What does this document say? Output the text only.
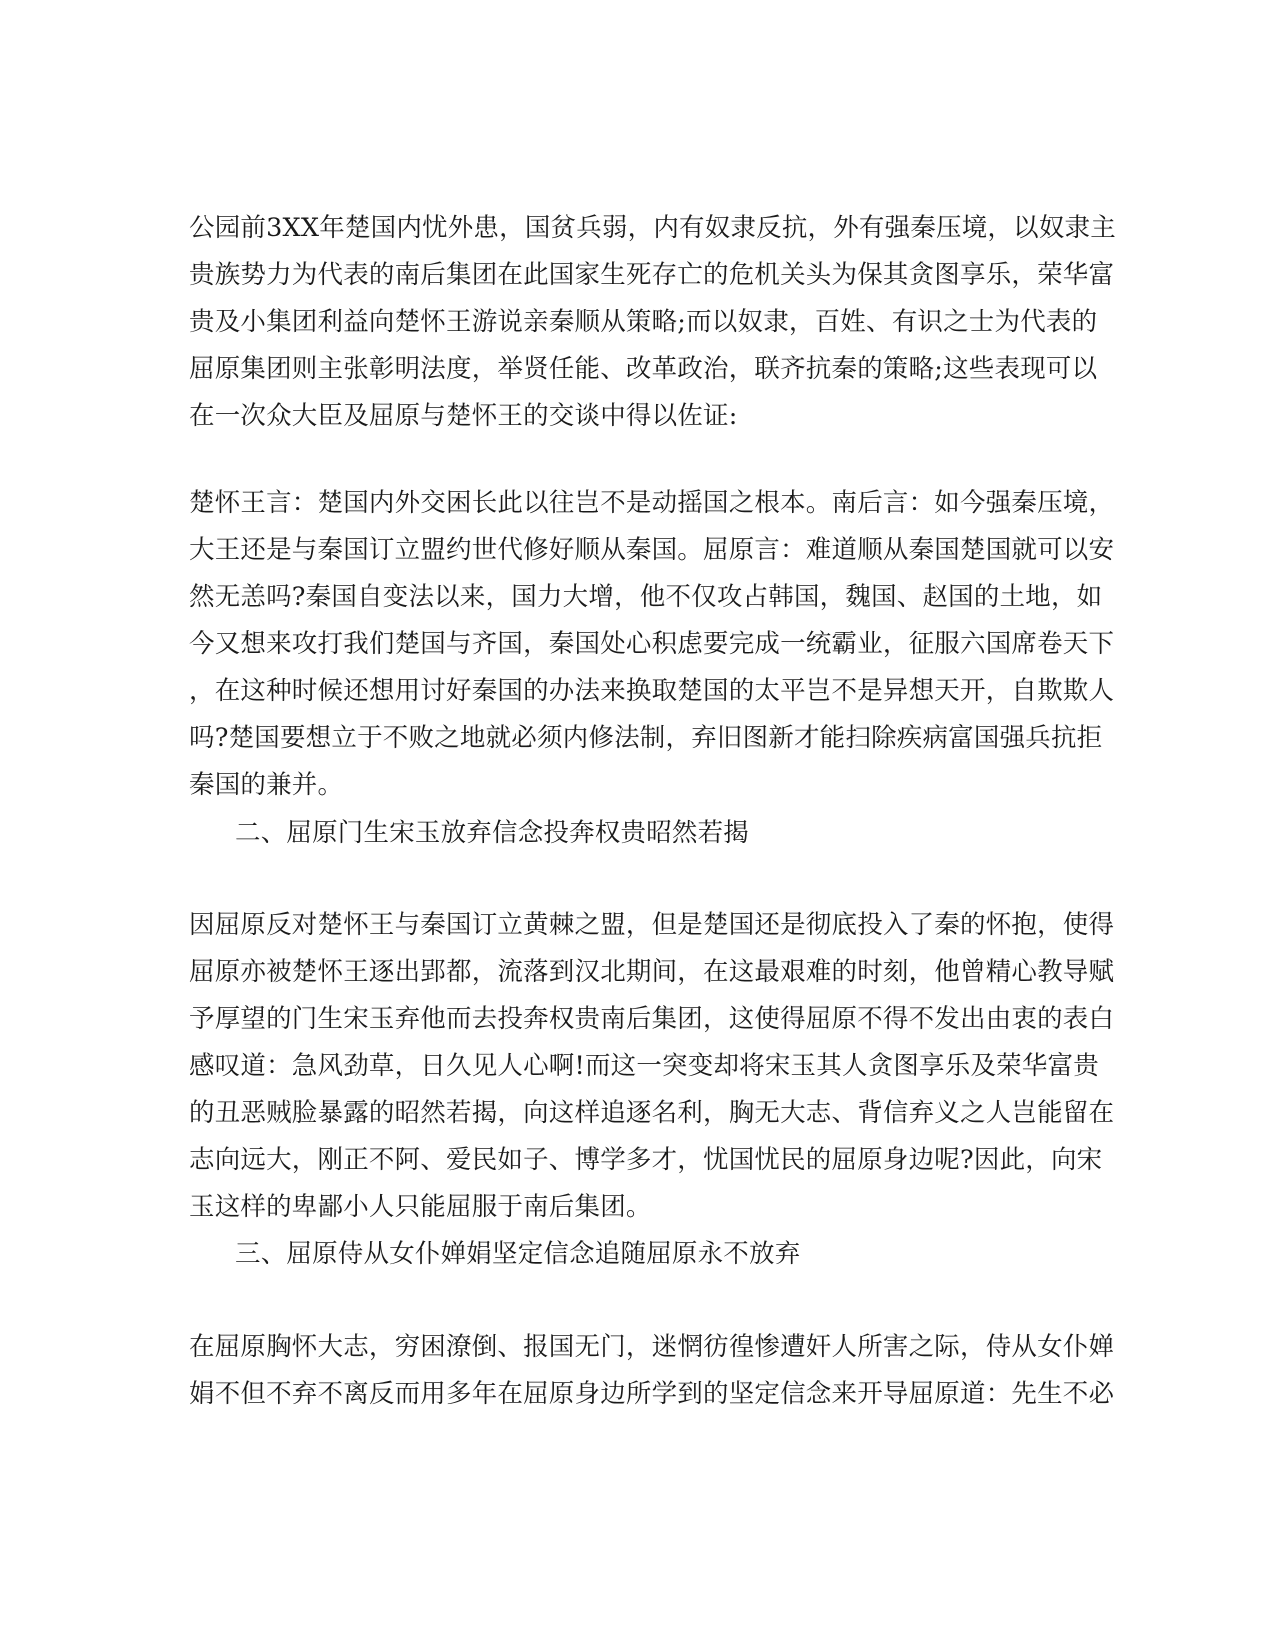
公园前3XX年楚国内忧外患，国贫兵弱，内有奴隶反抗，外有强秦压境，以奴隶主
贵族势力为代表的南后集团在此国家生死存亡的危机关头为保其贪图享乐，荣华富
贵及小集团利益向楚怀王游说亲秦顺从策略;而以奴隶，百姓、有识之士为代表的
屈原集团则主张彰明法度，举贤任能、改革政治，联齐抗秦的策略;这些表现可以
在一次众大臣及屈原与楚怀王的交谈中得以佐证:
楚怀王言：楚国内外交困长此以往岂不是动摇国之根本。南后言：如今强秦压境，
大王还是与秦国订立盟约世代修好顺从秦国。屈原言：难道顺从秦国楚国就可以安
然无恙吗?秦国自变法以来，国力大增，他不仅攻占韩国，魏国、赵国的土地，如
今又想来攻打我们楚国与齐国，秦国处心积虑要完成一统霸业，征服六国席卷天下
，在这种时候还想用讨好秦国的办法来换取楚国的太平岂不是异想天开，自欺欺人
吗?楚国要想立于不败之地就必须内修法制，弃旧图新才能扫除疾病富国强兵抗拒
秦国的兼并。
二、屈原门生宋玉放弃信念投奔权贵昭然若揭
因屈原反对楚怀王与秦国订立黄棘之盟，但是楚国还是彻底投入了秦的怀抱，使得
屈原亦被楚怀王逐出郢都，流落到汉北期间，在这最艰难的时刻，他曾精心教导赋
予厚望的门生宋玉弃他而去投奔权贵南后集团，这使得屈原不得不发出由衷的表白
感叹道：急风劲草，日久见人心啊!而这一突变却将宋玉其人贪图享乐及荣华富贵
的丑恶贼脸暴露的昭然若揭，向这样追逐名利，胸无大志、背信弃义之人岂能留在
志向远大，刚正不阿、爱民如子、博学多才，忧国忧民的屈原身边呢?因此，向宋
玉这样的卑鄙小人只能屈服于南后集团。
三、屈原侍从女仆婵娟坚定信念追随屈原永不放弃
在屈原胸怀大志，穷困潦倒、报国无门，迷惘彷徨惨遭奸人所害之际，侍从女仆婵
娟不但不弃不离反而用多年在屈原身边所学到的坚定信念来开导屈原道：先生不必
